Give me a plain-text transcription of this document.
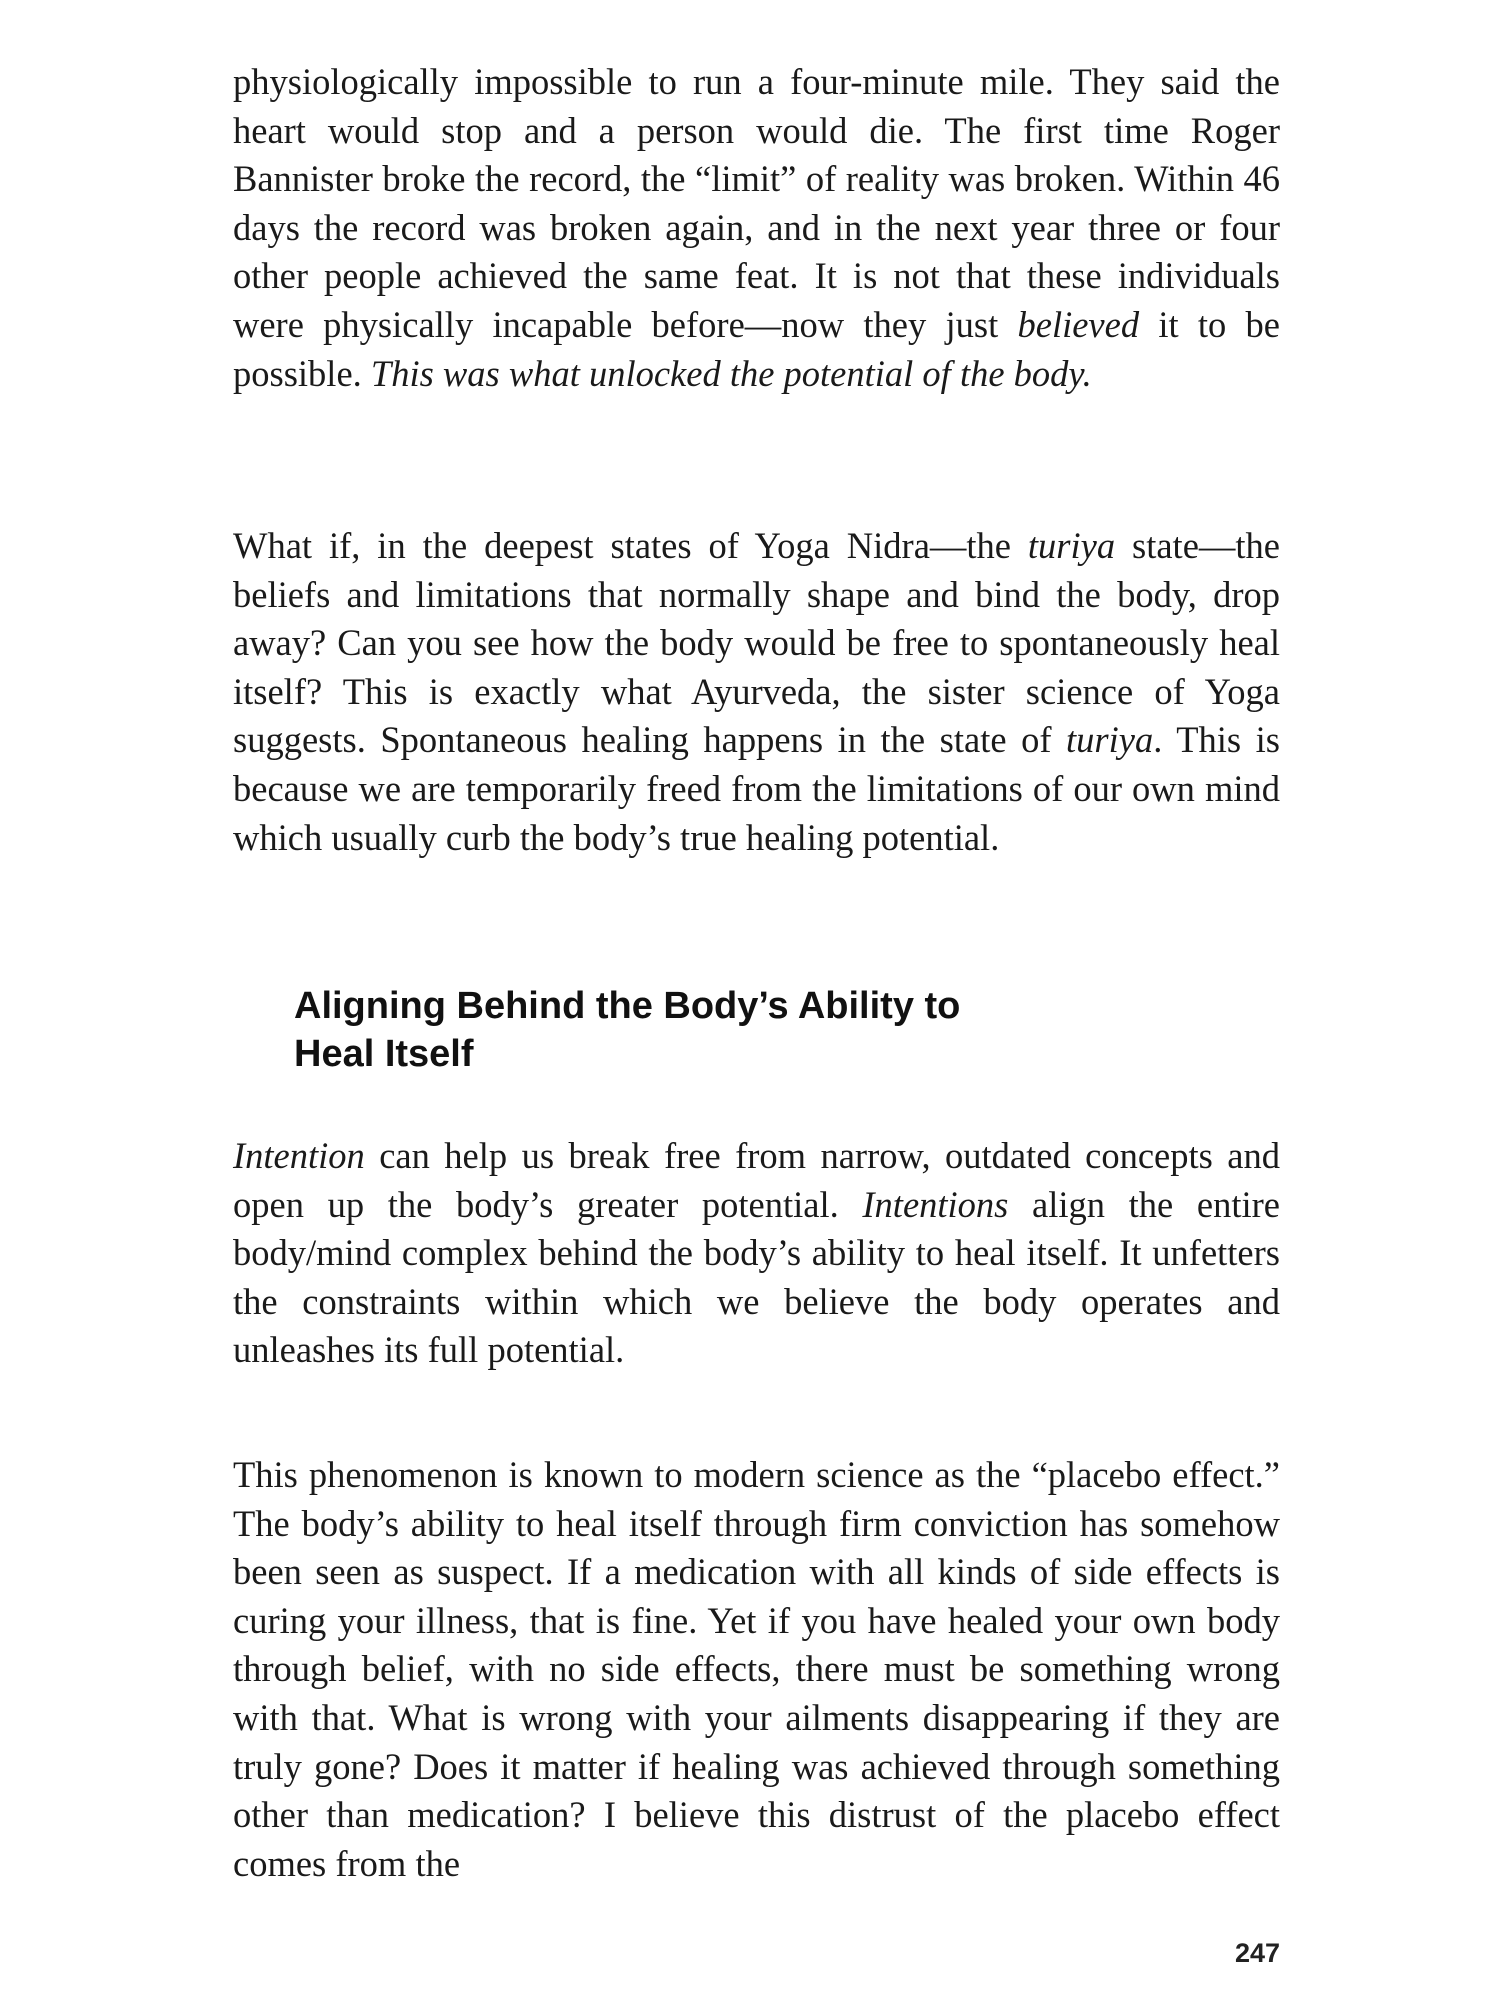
physiologically impossible to run a four-minute mile. They said the heart would stop and a person would die. The first time Roger Bannister broke the record, the “limit” of reality was broken. Within 46 days the record was broken again, and in the next year three or four other people achieved the same feat. It is not that these individuals were physically incapable before—now they just believed it to be possible. This was what unlocked the potential of the body.

What if, in the deepest states of Yoga Nidra—the turiya state—the beliefs and limitations that normally shape and bind the body, drop away? Can you see how the body would be free to spontaneously heal itself? This is exactly what Ayurveda, the sister science of Yoga suggests. Spontaneous healing happens in the state of turiya. This is because we are temporarily freed from the limitations of our own mind which usually curb the body’s true healing potential.

Aligning Behind the Body’s Ability to
Heal Itself

Intention can help us break free from narrow, outdated concepts and open up the body’s greater potential. Intentions align the entire body/mind complex behind the body’s ability to heal itself. It unfetters the constraints within which we believe the body operates and unleashes its full potential.

This phenomenon is known to modern science as the “placebo effect.” The body’s ability to heal itself through firm conviction has somehow been seen as suspect. If a medication with all kinds of side effects is curing your illness, that is fine. Yet if you have healed your own body through belief, with no side effects, there must be something wrong with that. What is wrong with your ailments disappearing if they are truly gone? Does it matter if healing was achieved through something other than medication? I believe this distrust of the placebo effect comes from the

247
